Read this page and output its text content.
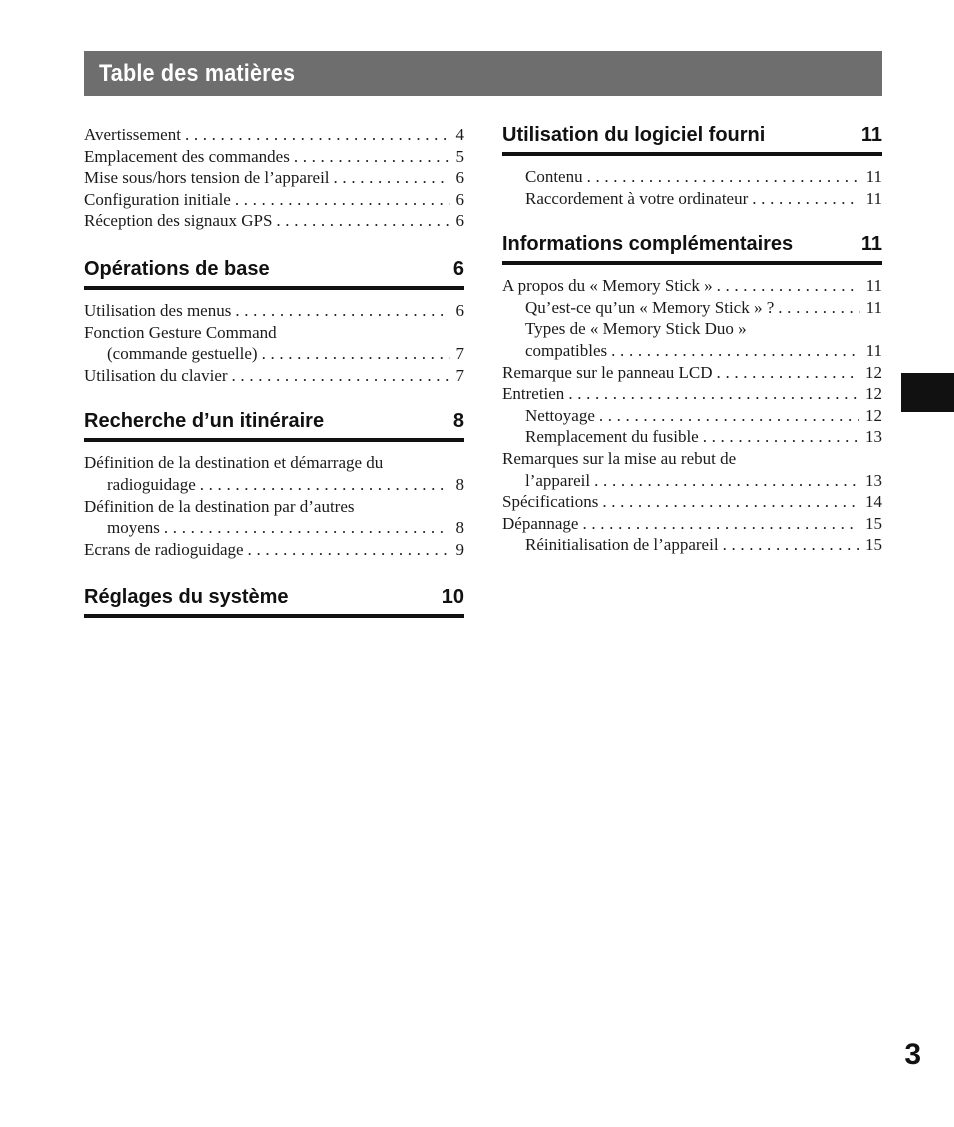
Table des matières
Avertissement . . .	4
Emplacement des commandes . . .	5
Mise sous/hors tension de l’appareil . . .	6
Configuration initiale . . .	6
Réception des signaux GPS . . .	6
Opérations de base	6
Utilisation des menus . . .	6
Fonction Gesture Command
(commande gestuelle) . . .	7
Utilisation du clavier . . .	7
Recherche d’un itinéraire	8
Définition de la destination et démarrage du
radioguidage . . .	8
Définition de la destination par d’autres
moyens . . .	8
Ecrans de radioguidage . . .	9
Réglages du système	10
Utilisation du logiciel fourni	11
Contenu . . .	11
Raccordement à votre ordinateur . . .	11
Informations complémentaires	11
A propos du « Memory Stick » . . .	11
Qu’est-ce qu’un « Memory Stick » ? . . .	11
Types de « Memory Stick Duo »
compatibles . . .	11
Remarque sur le panneau LCD . . .	12
Entretien . . .	12
Nettoyage . . .	12
Remplacement du fusible . . .	13
Remarques sur la mise au rebut de
l’appareil . . .	13
Spécifications . . .	14
Dépannage . . .	15
Réinitialisation de l’appareil . . .	15
3
